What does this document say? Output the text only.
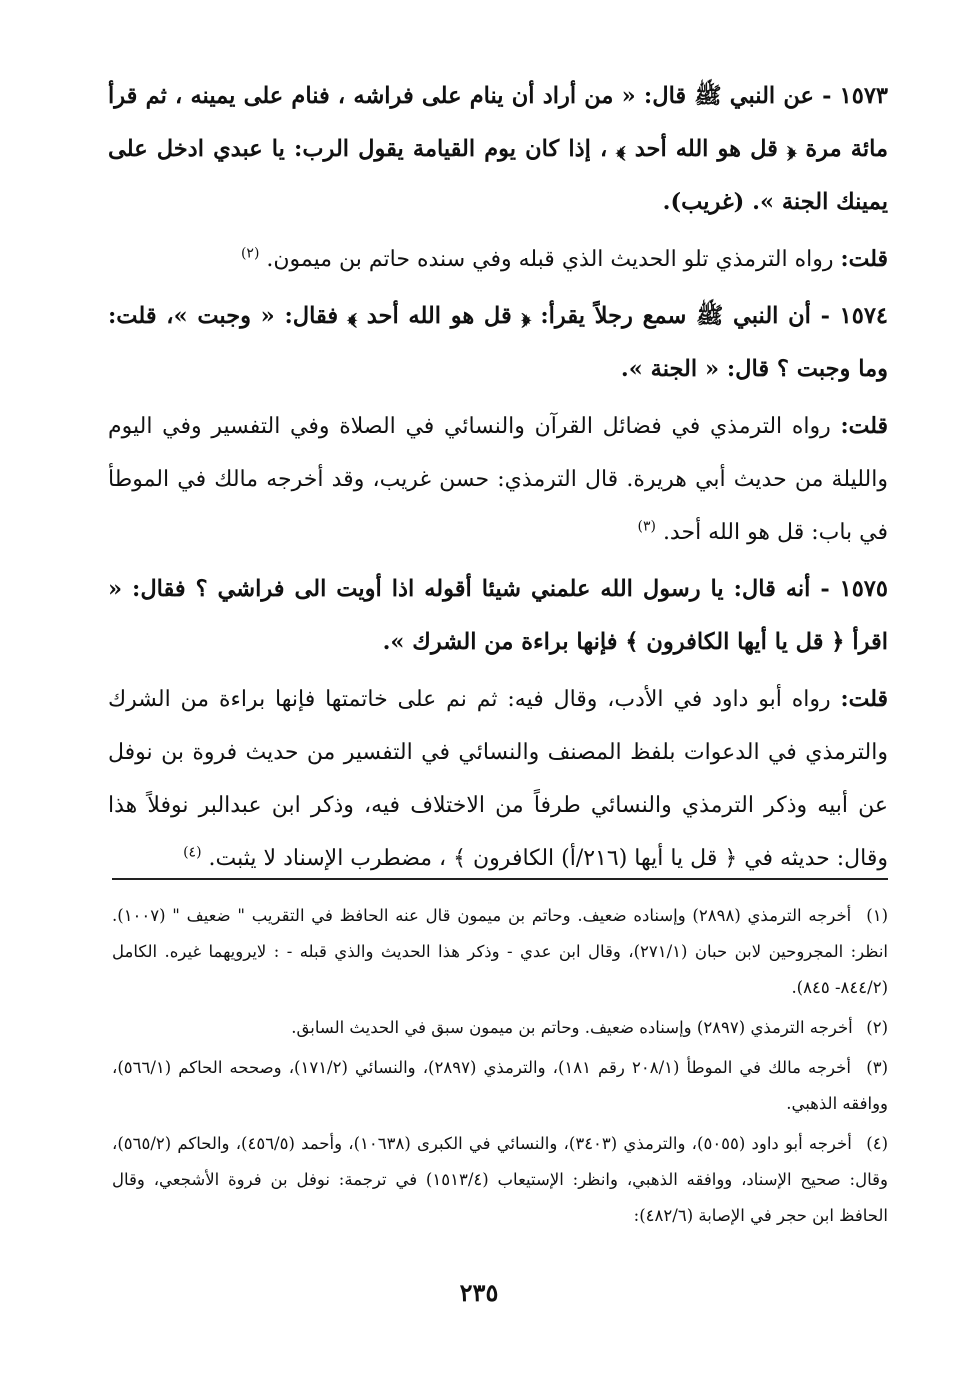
١٥٧٣ - عن النبي ﷺ قال: « من أراد أن ينام على فراشه ، فنام على يمينه ، ثم قرأ مائة مرة ﴿ قل هو الله أحد ﴾ ، إذا كان يوم القيامة يقول الرب: يا عبدي ادخل على يمينك الجنة ». (غريب).

قلت: رواه الترمذي تلو الحديث الذي قبله وفي سنده حاتم بن ميمون. $^{(٢)}$

١٥٧٤ - أن النبي ﷺ سمع رجلاً يقرأ: ﴿ قل هو الله أحد ﴾ فقال: « وجبت »، قلت: وما وجبت ؟ قال: « الجنة ».

قلت: رواه الترمذي في فضائل القرآن والنسائي في الصلاة وفي التفسير وفي اليوم والليلة من حديث أبي هريرة. قال الترمذي: حسن غريب، وقد أخرجه مالك في الموطأ في باب: قل هو الله أحد. $^{(٣)}$

١٥٧٥ - أنه قال: يا رسول الله علمني شيئا أقوله اذا أويت الى فراشي ؟ فقال: « اقرأ ﴿ قل يا أيها الكافرون ﴾ فإنها براءة من الشرك ».

قلت: رواه أبو داود في الأدب، وقال فيه: ثم نم على خاتمتها فإنها براءة من الشرك والترمذي في الدعوات بلفظ المصنف والنسائي في التفسير من حديث فروة بن نوفل عن أبيه وذكر الترمذي والنسائي طرفاً من الاختلاف فيه، وذكر ابن عبدالبر نوفلاً هذا وقال: حديثه في ﴿ قل يا أيها (٢١٦/أ) الكافرون ﴾ ، مضطرب الإسناد لا يثبت. $^{(٤)}$

(١) أخرجه الترمذي (٢٨٩٨) وإسناده ضعيف. وحاتم بن ميمون قال عنه الحافظ في التقريب " ضعيف " (١٠٠٧). انظر: المجروحين لابن حبان (٢٧١/١)، وقال ابن عدي - وذكر هذا الحديث والذي قبله - : لايرويهما غيره. الكامل (٨٤٤/٢- ٨٤٥).

(٢) أخرجه الترمذي (٢٨٩٧) وإسناده ضعيف. وحاتم بن ميمون سبق في الحديث السابق.

(٣) أخرجه مالك في الموطأ (٢٠٨/١ رقم ١٨١)، والترمذي (٢٨٩٧)، والنسائي (١٧١/٢)، وصححه الحاكم (٥٦٦/١)، ووافقه الذهبي.

(٤) أخرجه أبو داود (٥٠٥٥)، والترمذي (٣٤٠٣)، والنسائي في الكبرى (١٠٦٣٨)، وأحمد (٤٥٦/٥)، والحاكم (٥٦٥/٢)، وقال: صحيح الإسناد، ووافقه الذهبي، وانظر: الإستيعاب (١٥١٣/٤) في ترجمة: نوفل بن فروة الأشجعي، وقال الحافظ ابن حجر في الإصابة (٤٨٢/٦):

٢٣٥
